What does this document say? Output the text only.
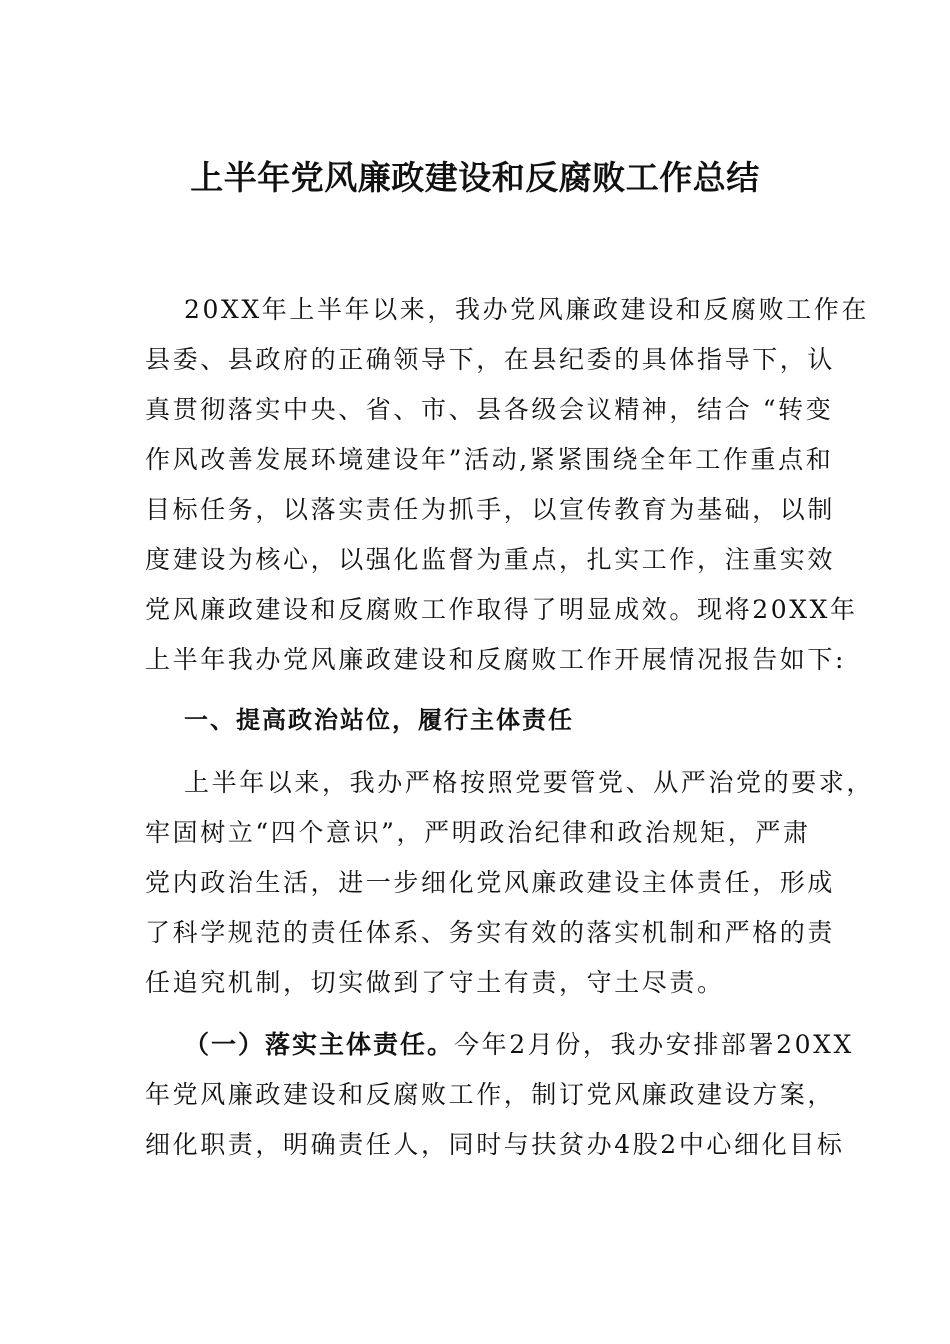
上半年党风廉政建设和反腐败工作总结
20XX年上半年以来，我办党风廉政建设和反腐败工作在
县委、县政府的正确领导下，在县纪委的具体指导下，认
真贯彻落实中央、省、市、县各级会议精神，结合 “转变
作风改善发展环境建设年”活动,紧紧围绕全年工作重点和
目标任务，以落实责任为抓手，以宣传教育为基础，以制
度建设为核心，以强化监督为重点，扎实工作，注重实效
党风廉政建设和反腐败工作取得了明显成效。现将20XX年
上半年我办党风廉政建设和反腐败工作开展情况报告如下:
一、提高政治站位，履行主体责任
上半年以来，我办严格按照党要管党、从严治党的要求，
牢固树立“四个意识”，严明政治纪律和政治规矩，严肃
党内政治生活，进一步细化党风廉政建设主体责任，形成
了科学规范的责任体系、务实有效的落实机制和严格的责
任追究机制，切实做到了守土有责，守土尽责。
（一）落实主体责任。今年2月份，我办安排部署20XX
年党风廉政建设和反腐败工作，制订党风廉政建设方案，
细化职责，明确责任人，同时与扶贫办4股2中心细化目标
